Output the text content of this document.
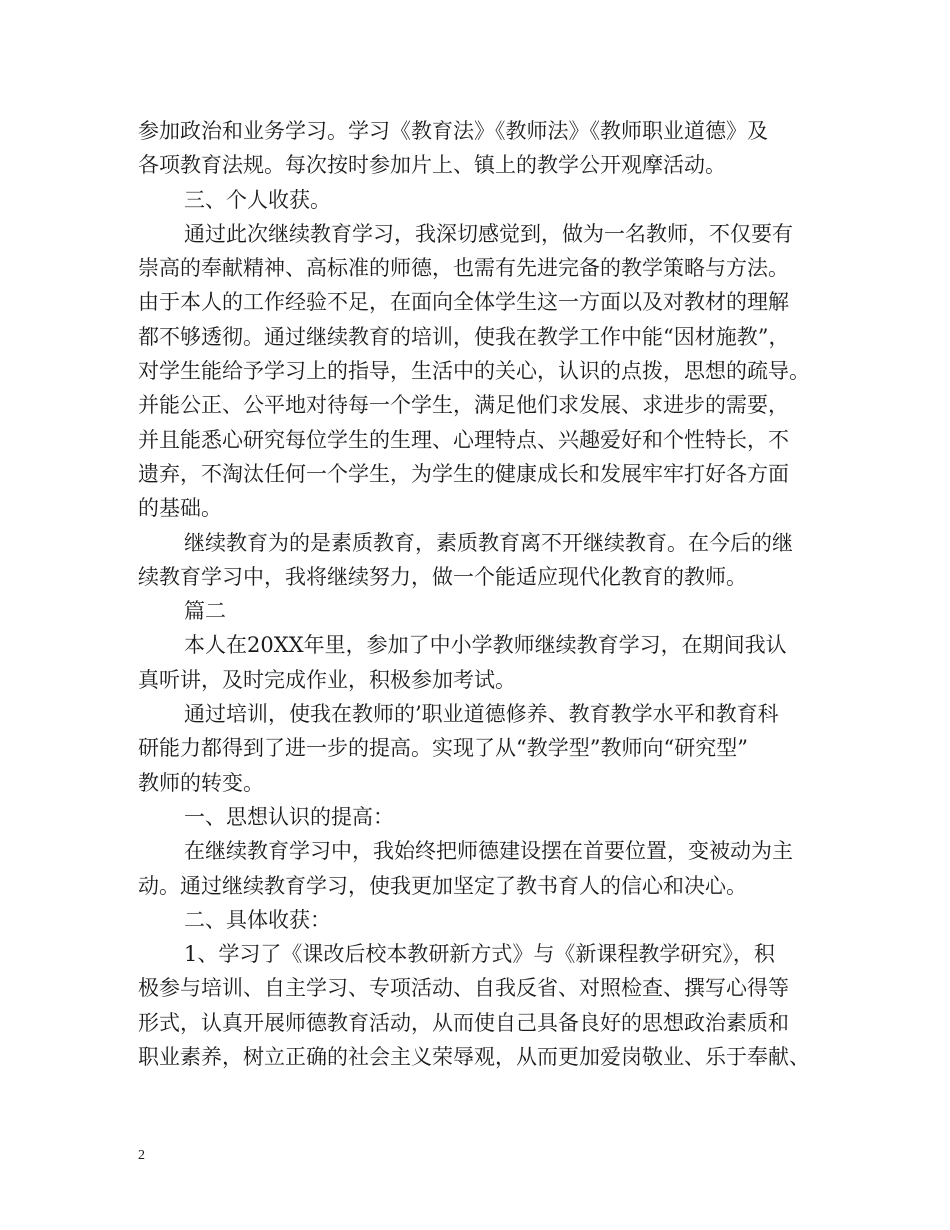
参加政治和业务学习。学习《教育法》《教师法》《教师职业道德》及
各项教育法规。每次按时参加片上、镇上的教学公开观摩活动。
三、个人收获。
通过此次继续教育学习，我深切感觉到，做为一名教师，不仅要有
崇高的奉献精神、高标准的师德，也需有先进完备的教学策略与方法。
由于本人的工作经验不足，在面向全体学生这一方面以及对教材的理解
都不够透彻。通过继续教育的培训，使我在教学工作中能“因材施教”，
对学生能给予学习上的指导，生活中的关心，认识的点拨，思想的疏导。
并能公正、公平地对待每一个学生，满足他们求发展、求进步的需要，
并且能悉心研究每位学生的生理、心理特点、兴趣爱好和个性特长，不
遗弃，不淘汰任何一个学生，为学生的健康成长和发展牢牢打好各方面
的基础。
继续教育为的是素质教育，素质教育离不开继续教育。在今后的继
续教育学习中，我将继续努力，做一个能适应现代化教育的教师。
篇二
本人在20XX年里，参加了中小学教师继续教育学习，在期间我认
真听讲，及时完成作业，积极参加考试。
通过培训，使我在教师的’职业道德修养、教育教学水平和教育科
研能力都得到了进一步的提高。实现了从“教学型”教师向“研究型”
教师的转变。
一、思想认识的提高：
在继续教育学习中，我始终把师德建设摆在首要位置，变被动为主
动。通过继续教育学习，使我更加坚定了教书育人的信心和决心。
二、具体收获：
1、学习了《课改后校本教研新方式》与《新课程教学研究》，积
极参与培训、自主学习、专项活动、自我反省、对照检查、撰写心得等
形式，认真开展师德教育活动，从而使自己具备良好的思想政治素质和
职业素养，树立正确的社会主义荣辱观，从而更加爱岗敬业、乐于奉献、
2
